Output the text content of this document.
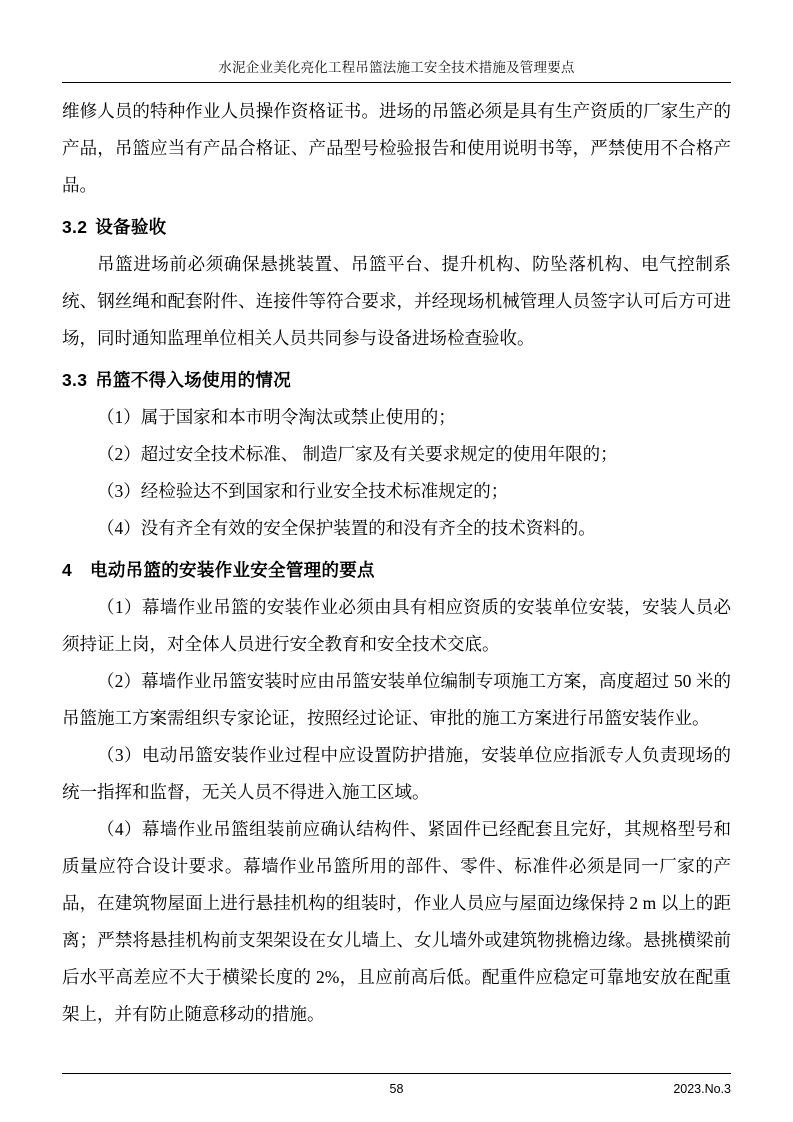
水泥企业美化亮化工程吊篮法施工安全技术措施及管理要点

维修人员的特种作业人员操作资格证书。进场的吊篮必须是具有生产资质的厂家生产的产品，吊篮应当有产品合格证、产品型号检验报告和使用说明书等，严禁使用不合格产品。

3.2 设备验收

吊篮进场前必须确保悬挑装置、吊篮平台、提升机构、防坠落机构、电气控制系统、钢丝绳和配套附件、连接件等符合要求，并经现场机械管理人员签字认可后方可进场，同时通知监理单位相关人员共同参与设备进场检查验收。

3.3 吊篮不得入场使用的情况

（1）属于国家和本市明令淘汰或禁止使用的；

（2）超过安全技术标准、 制造厂家及有关要求规定的使用年限的；

（3）经检验达不到国家和行业安全技术标准规定的；

（4）没有齐全有效的安全保护装置的和没有齐全的技术资料的。

4 电动吊篮的安装作业安全管理的要点

（1）幕墙作业吊篮的安装作业必须由具有相应资质的安装单位安装，安装人员必须持证上岗，对全体人员进行安全教育和安全技术交底。

（2）幕墙作业吊篮安装时应由吊篮安装单位编制专项施工方案，高度超过 50 米的吊篮施工方案需组织专家论证，按照经过论证、审批的施工方案进行吊篮安装作业。

（3）电动吊篮安装作业过程中应设置防护措施，安装单位应指派专人负责现场的统一指挥和监督，无关人员不得进入施工区域。

（4）幕墙作业吊篮组装前应确认结构件、紧固件已经配套且完好，其规格型号和质量应符合设计要求。幕墙作业吊篮所用的部件、零件、标准件必须是同一厂家的产品，在建筑物屋面上进行悬挂机构的组装时，作业人员应与屋面边缘保持 2 m 以上的距离；严禁将悬挂机构前支架架设在女儿墙上、女儿墙外或建筑物挑檐边缘。悬挑横梁前后水平高差应不大于横梁长度的 2%，且应前高后低。配重件应稳定可靠地安放在配重架上，并有防止随意移动的措施。

58	2023.No.3
